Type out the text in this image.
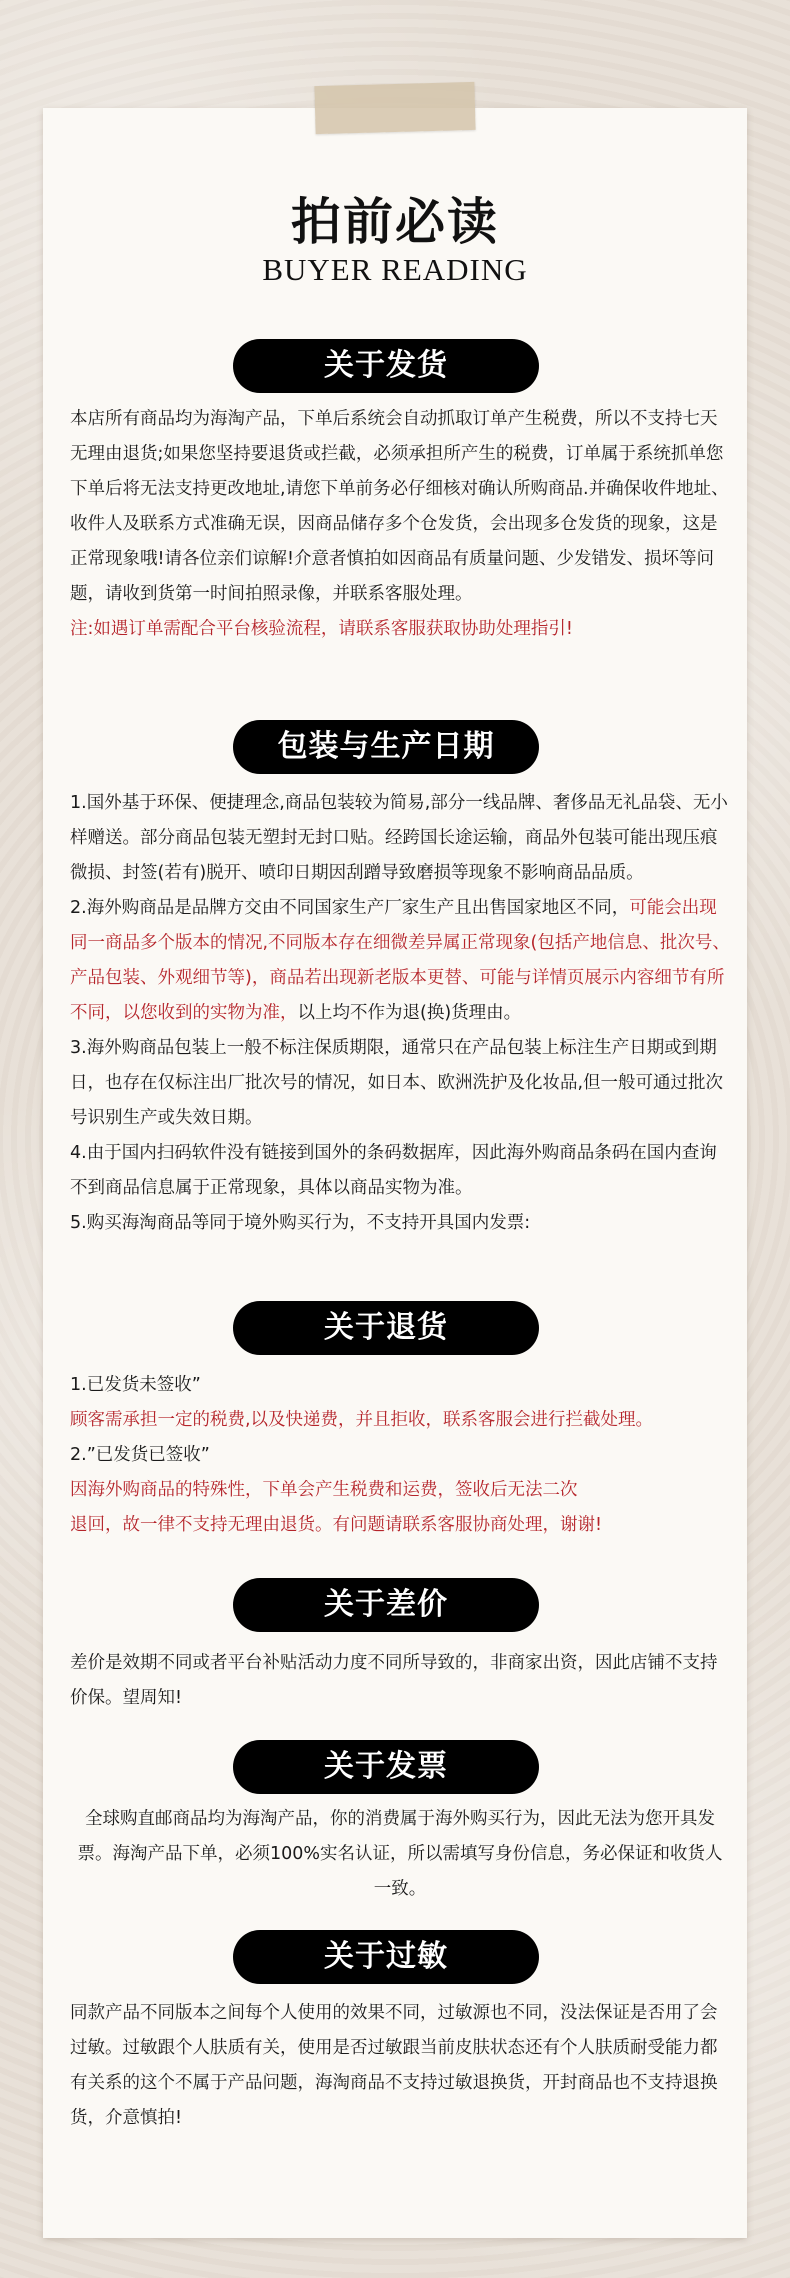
拍前必读
BUYER READING
关于发货

本店所有商品均为海淘产品，下单后系统会自动抓取订单产生税费，所以不支持七天无理由退货;如果您坚持要退货或拦截，必须承担所产生的税费，订单属于系统抓单您下单后将无法支持更改地址,请您下单前务必仔细核对确认所购商品.并确保收件地址、收件人及联系方式准确无误，因商品储存多个仓发货，会出现多仓发货的现象，这是正常现象哦!请各位亲们谅解!介意者慎拍如因商品有质量问题、少发错发、损坏等问题，请收到货第一时间拍照录像，并联系客服处理。

注:如遇订单需配合平台核验流程，请联系客服获取协助处理指引!

包装与生产日期

1.国外基于环保、便捷理念,商品包装较为简易,部分一线品牌、奢侈品无礼品袋、无小样赠送。部分商品包装无塑封无封口贴。经跨国长途运输，商品外包装可能出现压痕微损、封签(若有)脱开、喷印日期因刮蹭导致磨损等现象不影响商品品质。

2.海外购商品是品牌方交由不同国家生产厂家生产且出售国家地区不同，可能会出现同一商品多个版本的情况,不同版本存在细微差异属正常现象(包括产地信息、批次号、产品包装、外观细节等)，商品若出现新老版本更替、可能与详情页展示内容细节有所不同，以您收到的实物为准，以上均不作为退(换)货理由。

3.海外购商品包装上一般不标注保质期限，通常只在产品包装上标注生产日期或到期日，也存在仅标注出厂批次号的情况，如日本、欧洲洗护及化妆品,但一般可通过批次号识别生产或失效日期。

4.由于国内扫码软件没有链接到国外的条码数据库，因此海外购商品条码在国内查询不到商品信息属于正常现象，具体以商品实物为准。

5.购买海淘商品等同于境外购买行为，不支持开具国内发票:

关于退货

1.已发货未签收”

顾客需承担一定的税费,以及快递费，并且拒收，联系客服会进行拦截处理。

2.”已发货已签收”

因海外购商品的特殊性，下单会产生税费和运费，签收后无法二次

退回，故一律不支持无理由退货。有问题请联系客服协商处理，谢谢!

关于差价

差价是效期不同或者平台补贴活动力度不同所导致的，非商家出资，因此店铺不支持价保。望周知!

关于发票

全球购直邮商品均为海淘产品，你的消费属于海外购买行为，因此无法为您开具发票。海淘产品下单，必须100%实名认证，所以需填写身份信息，务必保证和收货人一致。

关于过敏

同款产品不同版本之间每个人使用的效果不同，过敏源也不同，没法保证是否用了会过敏。过敏跟个人肤质有关，使用是否过敏跟当前皮肤状态还有个人肤质耐受能力都有关系的这个不属于产品问题，海淘商品不支持过敏退换货，开封商品也不支持退换货，介意慎拍!
